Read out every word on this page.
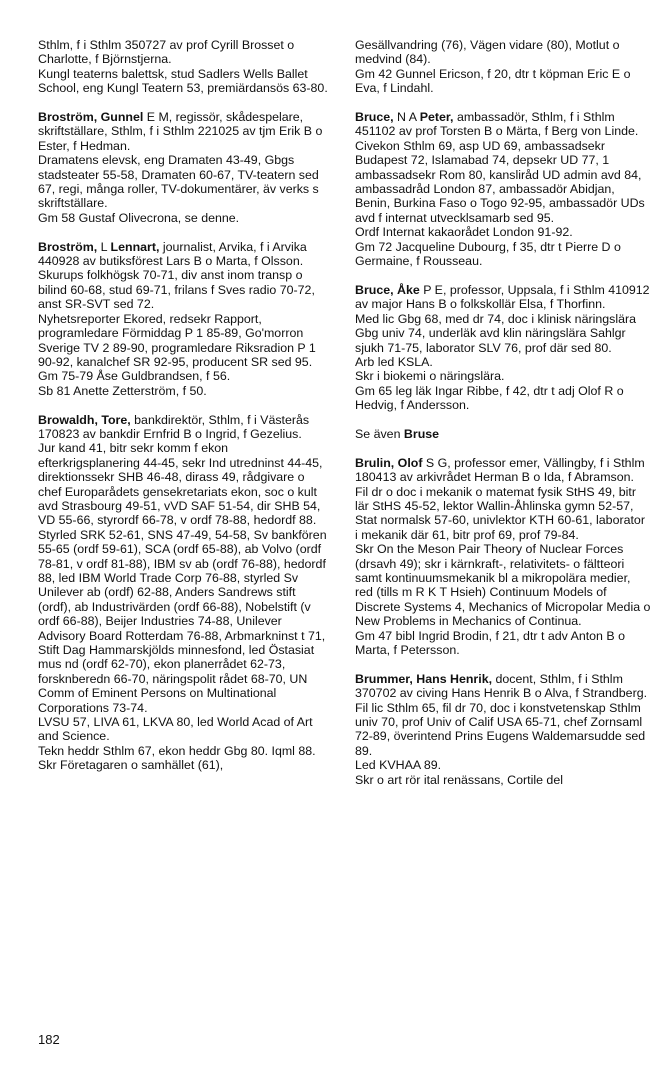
Sthlm, f i Sthlm 350727 av prof Cyrill Brosset o Charlotte, f Björnstjerna.

Kungl teaterns balettsk, stud Sadlers Wells Ballet School, eng Kungl Teatern 53, premiärdansös 63-80.

Broström, Gunnel E M, regissör, skådespelare, skriftställare, Sthlm, f i Sthlm 221025 av tjm Erik B o Ester, f Hedman.

Dramatens elevsk, eng Dramaten 43-49, Gbgs stadsteater 55-58, Dramaten 60-67, TV-teatern sed 67, regi, många roller, TV-dokumentärer, äv verks s skriftställare.

Gm 58 Gustaf Olivecrona, se denne.

Broström, L Lennart, journalist, Arvika, f i Arvika 440928 av butiksförest Lars B o Marta, f Olsson.

Skurups folkhögsk 70-71, div anst inom transp o bilind 60-68, stud 69-71, frilans f Sves radio 70-72, anst SR-SVT sed 72.

Nyhetsreporter Ekored, redsekr Rapport, programledare Förmiddag P 1 85-89, Go'morron Sverige TV 2 89-90, programledare Riksradion P 1 90-92, kanalchef SR 92-95, producent SR sed 95.

Gm 75-79 Åse Guldbrandsen, f 56.

Sb 81 Anette Zetterström, f 50.

Browaldh, Tore, bankdirektör, Sthlm, f i Västerås 170823 av bankdir Ernfrid B o Ingrid, f Gezelius.

Jur kand 41, bitr sekr komm f ekon efterkrigsplanering 44-45, sekr Ind utredninst 44-45, direktionssekr SHB 46-48, dirass 49, rådgivare o chef Europarådets gensekretariats ekon, soc o kult avd Strasbourg 49-51, vVD SAF 51-54, dir SHB 54, VD 55-66, styrordf 66-78, v ordf 78-88, hedordf 88.

Styrled SRK 52-61, SNS 47-49, 54-58, Sv bankfören 55-65 (ordf 59-61), SCA (ordf 65-88), ab Volvo (ordf 78-81, v ordf 81-88), IBM sv ab (ordf 76-88), hedordf 88, led IBM World Trade Corp 76-88, styrled Sv Unilever ab (ordf) 62-88, Anders Sandrews stift (ordf), ab Industrivärden (ordf 66-88), Nobelstift (v ordf 66-88), Beijer Industries 74-88, Unilever Advisory Board Rotterdam 76-88, Arbmarkninst t 71, Stift Dag Hammarskjölds minnesfond, led Östasiat mus nd (ordf 62-70), ekon planerrådet 62-73, forsknberedn 66-70, näringspolit rådet 68-70, UN Comm of Eminent Persons on Multinational Corporations 73-74.

LVSU 57, LIVA 61, LKVA 80, led World Acad of Art and Science.

Tekn heddr Sthlm 67, ekon heddr Gbg 80. Iqml 88.

Skr Företagaren o samhället (61),

Gesällvandring (76), Vägen vidare (80), Motlut o medvind (84).

Gm 42 Gunnel Ericson, f 20, dtr t köpman Eric E o Eva, f Lindahl.

Bruce, N A Peter, ambassadör, Sthlm, f i Sthlm 451102 av prof Torsten B o Märta, f Berg von Linde.

Civekon Sthlm 69, asp UD 69, ambassadsekr Budapest 72, Islamabad 74, depsekr UD 77, 1 ambassadsekr Rom 80, kansliråd UD admin avd 84, ambassadråd London 87, ambassadör Abidjan, Benin, Burkina Faso o Togo 92-95, ambassadör UDs avd f internat utvecklsamarb sed 95.

Ordf Internat kakaorådet London 91-92.

Gm 72 Jacqueline Dubourg, f 35, dtr t Pierre D o Germaine, f Rousseau.

Bruce, Åke P E, professor, Uppsala, f i Sthlm 410912 av major Hans B o folkskollär Elsa, f Thorfinn.

Med lic Gbg 68, med dr 74, doc i klinisk näringslära Gbg univ 74, underläk avd klin näringslära Sahlgr sjukh 71-75, laborator SLV 76, prof där sed 80.

Arb led KSLA.

Skr i biokemi o näringslära.

Gm 65 leg läk Ingar Ribbe, f 42, dtr t adj Olof R o Hedvig, f Andersson.

Se även Bruse

Brulin, Olof S G, professor emer, Vällingby, f i Sthlm 180413 av arkivrådet Herman B o Ida, f Abramson.

Fil dr o doc i mekanik o matemat fysik StHS 49, bitr lär StHS 45-52, lektor Wallin-Åhlinska gymn 52-57, Stat normalsk 57-60, univlektor KTH 60-61, laborator i mekanik där 61, bitr prof 69, prof 79-84.

Skr On the Meson Pair Theory of Nuclear Forces (drsavh 49); skr i kärnkraft-, relativitets- o fältteori samt kontinuumsmekanik bl a mikropolära medier, red (tills m R K T Hsieh) Continuum Models of Discrete Systems 4, Mechanics of Micropolar Media o New Problems in Mechanics of Continua.

Gm 47 bibl Ingrid Brodin, f 21, dtr t adv Anton B o Marta, f Petersson.

Brummer, Hans Henrik, docent, Sthlm, f i Sthlm 370702 av civing Hans Henrik B o Alva, f Strandberg.

Fil lic Sthlm 65, fil dr 70, doc i konstvetenskap Sthlm univ 70, prof Univ of Calif USA 65-71, chef Zornsaml 72-89, överintend Prins Eugens Waldemarsudde sed 89.

Led KVHAA 89.

Skr o art rör ital renässans, Cortile del

182
